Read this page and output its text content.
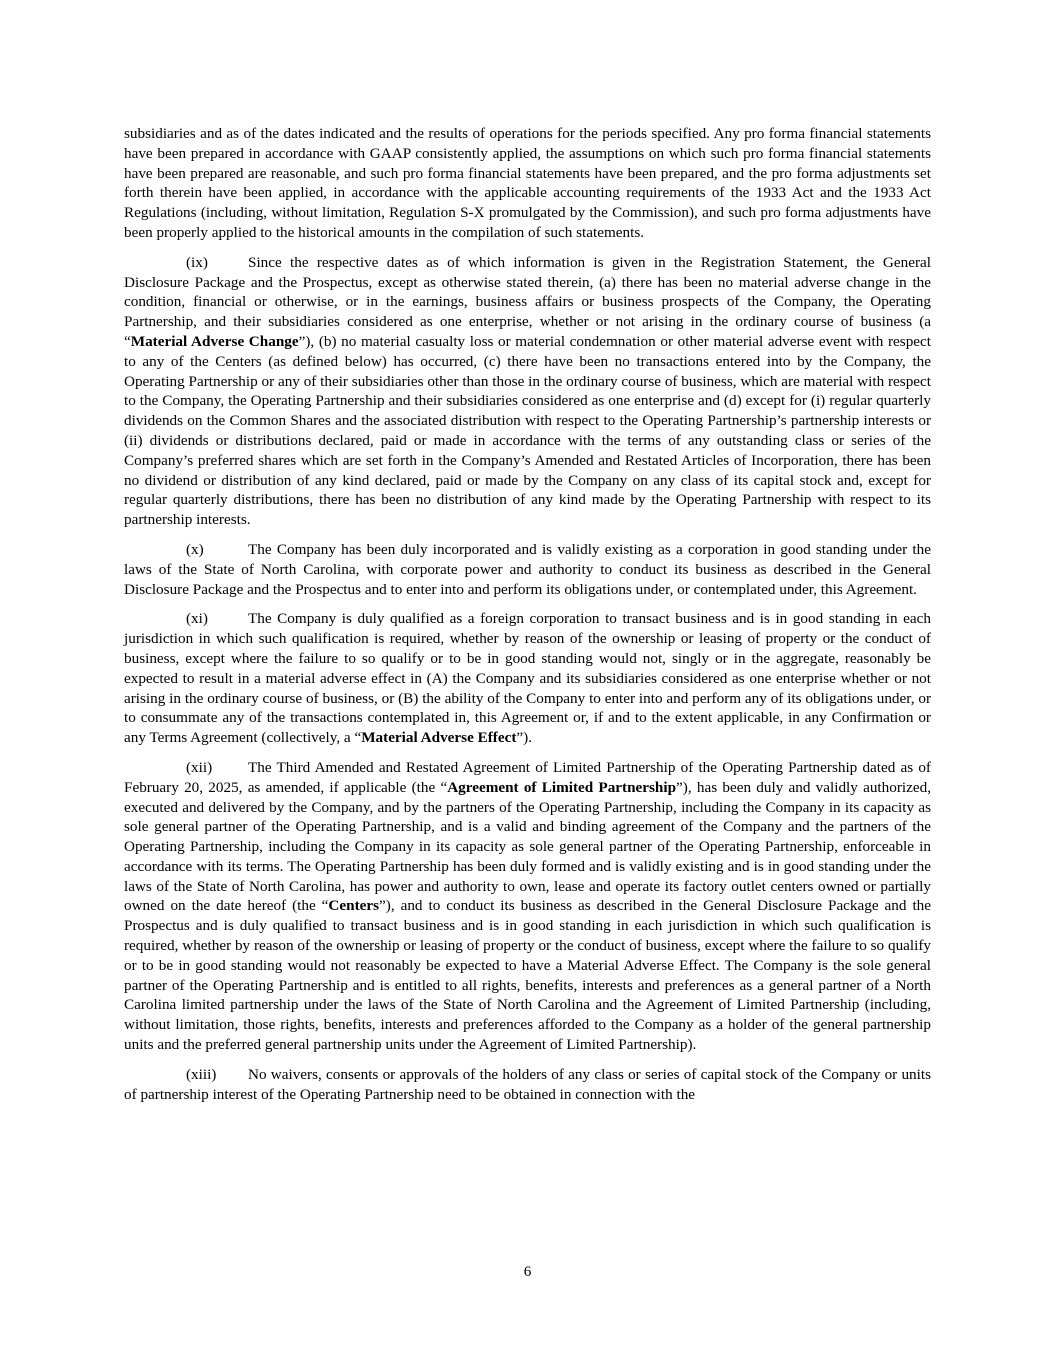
subsidiaries and as of the dates indicated and the results of operations for the periods specified. Any pro forma financial statements have been prepared in accordance with GAAP consistently applied, the assumptions on which such pro forma financial statements have been prepared are reasonable, and such pro forma financial statements have been prepared, and the pro forma adjustments set forth therein have been applied, in accordance with the applicable accounting requirements of the 1933 Act and the 1933 Act Regulations (including, without limitation, Regulation S-X promulgated by the Commission), and such pro forma adjustments have been properly applied to the historical amounts in the compilation of such statements.

(ix)	Since the respective dates as of which information is given in the Registration Statement, the General Disclosure Package and the Prospectus, except as otherwise stated therein, (a) there has been no material adverse change in the condition, financial or otherwise, or in the earnings, business affairs or business prospects of the Company, the Operating Partnership, and their subsidiaries considered as one enterprise, whether or not arising in the ordinary course of business (a “Material Adverse Change”), (b) no material casualty loss or material condemnation or other material adverse event with respect to any of the Centers (as defined below) has occurred, (c) there have been no transactions entered into by the Company, the Operating Partnership or any of their subsidiaries other than those in the ordinary course of business, which are material with respect to the Company, the Operating Partnership and their subsidiaries considered as one enterprise and (d) except for (i) regular quarterly dividends on the Common Shares and the associated distribution with respect to the Operating Partnership’s partnership interests or (ii) dividends or distributions declared, paid or made in accordance with the terms of any outstanding class or series of the Company’s preferred shares which are set forth in the Company’s Amended and Restated Articles of Incorporation, there has been no dividend or distribution of any kind declared, paid or made by the Company on any class of its capital stock and, except for regular quarterly distributions, there has been no distribution of any kind made by the Operating Partnership with respect to its partnership interests.

(x)	The Company has been duly incorporated and is validly existing as a corporation in good standing under the laws of the State of North Carolina, with corporate power and authority to conduct its business as described in the General Disclosure Package and the Prospectus and to enter into and perform its obligations under, or contemplated under, this Agreement.

(xi)	The Company is duly qualified as a foreign corporation to transact business and is in good standing in each jurisdiction in which such qualification is required, whether by reason of the ownership or leasing of property or the conduct of business, except where the failure to so qualify or to be in good standing would not, singly or in the aggregate, reasonably be expected to result in a material adverse effect in (A) the Company and its subsidiaries considered as one enterprise whether or not arising in the ordinary course of business, or (B) the ability of the Company to enter into and perform any of its obligations under, or to consummate any of the transactions contemplated in, this Agreement or, if and to the extent applicable, in any Confirmation or any Terms Agreement (collectively, a “Material Adverse Effect”).

(xii) The Third Amended and Restated Agreement of Limited Partnership of the Operating Partnership dated as of February 20, 2025, as amended, if applicable (the “Agreement of Limited Partnership”), has been duly and validly authorized, executed and delivered by the Company, and by the partners of the Operating Partnership, including the Company in its capacity as sole general partner of the Operating Partnership, and is a valid and binding agreement of the Company and the partners of the Operating Partnership, including the Company in its capacity as sole general partner of the Operating Partnership, enforceable in accordance with its terms. The Operating Partnership has been duly formed and is validly existing and is in good standing under the laws of the State of North Carolina, has power and authority to own, lease and operate its factory outlet centers owned or partially owned on the date hereof (the “Centers”), and to conduct its business as described in the General Disclosure Package and the Prospectus and is duly qualified to transact business and is in good standing in each jurisdiction in which such qualification is required, whether by reason of the ownership or leasing of property or the conduct of business, except where the failure to so qualify or to be in good standing would not reasonably be expected to have a Material Adverse Effect. The Company is the sole general partner of the Operating Partnership and is entitled to all rights, benefits, interests and preferences as a general partner of a North Carolina limited partnership under the laws of the State of North Carolina and the Agreement of Limited Partnership (including, without limitation, those rights, benefits, interests and preferences afforded to the Company as a holder of the general partnership units and the preferred general partnership units under the Agreement of Limited Partnership).

(xiii) No waivers, consents or approvals of the holders of any class or series of capital stock of the Company or units of partnership interest of the Operating Partnership need to be obtained in connection with the

6
